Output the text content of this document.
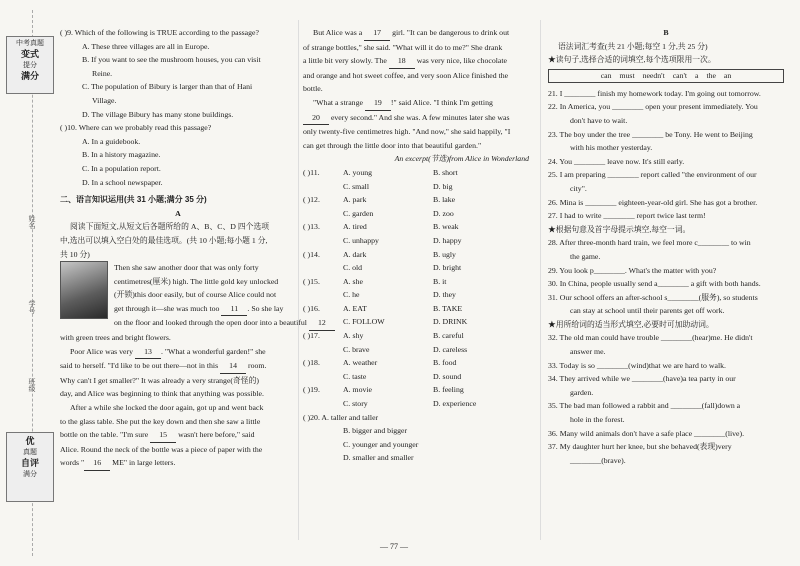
中考真题
变式
提分
满分
姓名
学号
班级
优
真题
自评
满分
( )9. Which of the following is TRUE according to the passage?
A. These three villages are all in Europe.
B. If you want to see the mushroom houses, you can visit
Reine.
C. The population of Bibury is larger than that of Hani
Village.
D. The village Bibury has many stone buildings.
( )10. Where can we probably read this passage?
A. In a guidebook.
B. In a history magazine.
C. In a population report.
D. In a school newspaper.
二、语言知识运用(共 31 小题;满分 35 分)
A
阅读下面短文,从短文后各题所给的 A、B、C、D 四个选项
中,选出可以填入空白处的最佳选项。(共 10 小题;每小题 1 分,
共 10 分)
Then she saw another door that was only forty
centimetres(厘米) high. The little gold key unlocked
(开锁)this door easily, but of course Alice could not
get through it—she was much too 11 . So she lay
on the floor and looked through the open door into a beautiful 12
with green trees and bright flowers.
Poor Alice was very 13 . "What a wonderful garden!" she
said to herself. "I'd like to be out there—not in this 14 room.
Why can't I get smaller?" It was already a very strange(奇怪的)
day, and Alice was beginning to think that anything was possible.
After a while she locked the door again, got up and went back
to the glass table. She put the key down and then she saw a little
bottle on the table. "I'm sure 15 wasn't here before," said
Alice. Round the neck of the bottle was a piece of paper with the
words " 16 ME" in large letters.
But Alice was a 17 girl. "It can be dangerous to drink out
of strange bottles," she said. "What will it do to me?" She drank
a little bit very slowly. The 18 was very nice, like chocolate
and orange and hot sweet coffee, and very soon Alice finished the
bottle.
"What a strange 19 !" said Alice. "I think I'm getting
20 every second." And she was. A few minutes later she was
only twenty-five centimetres high. "And now," she said happily, "I
can get through the little door into that beautiful garden."
An excerpt(节选)from Alice in Wonderland
( )11.	A. young	B. short
C. small	D. big
( )12.	A. park	B. lake
C. garden	D. zoo
( )13.	A. tired	B. weak
C. unhappy	D. happy
( )14.	A. dark	B. ugly
C. old	D. bright
( )15.	A. she	B. it
C. he	D. they
( )16.	A. EAT	B. TAKE
C. FOLLOW	D. DRINK
( )17.	A. shy	B. careful
C. brave	D. careless
( )18.	A. weather	B. food
C. taste	D. sound
( )19.	A. movie	B. feeling
C. story	D. experience
( )20. A. taller and taller
B. bigger and bigger
C. younger and younger
D. smaller and smaller
B
语法词汇考查(共 21 小题;每空 1 分,共 25 分)
★读句子,选择合适的词填空,每个选项限用一次。
can must needn't can't a the an
21. I ________ finish my homework today. I'm going out tomorrow.
22. In America, you ________ open your present immediately. You
don't have to wait.
23. The boy under the tree ________ be Tony. He went to Beijing
with his mother yesterday.
24. You ________ leave now. It's still early.
25. I am preparing ________ report called "the environment of our
city".
26. Mina is ________ eighteen-year-old girl. She has got a brother.
27. I had to write ________ report twice last term!
★根据句意及首字母提示填空,每空一词。
28. After three-month hard train, we feel more c________ to win
the game.
29. You look p________. What's the matter with you?
30. In China, people usually send a________ a gift with both hands.
31. Our school offers an after-school s________(服务), so students
can stay at school until their parents get off work.
★用所给词的适当形式填空,必要时可加助动词。
32. The old man could have trouble ________(hear)me. He didn't
answer me.
33. Today is so ________(wind)that we are hard to walk.
34. They arrived while we ________(have)a tea party in our
garden.
35. The bad man followed a rabbit and ________(fall)down a
hole in the forest.
36. Many wild animals don't have a safe place ________(live).
37. My daughter hurt her knee, but she behaved(表现)very
________(brave).
— 77 —
